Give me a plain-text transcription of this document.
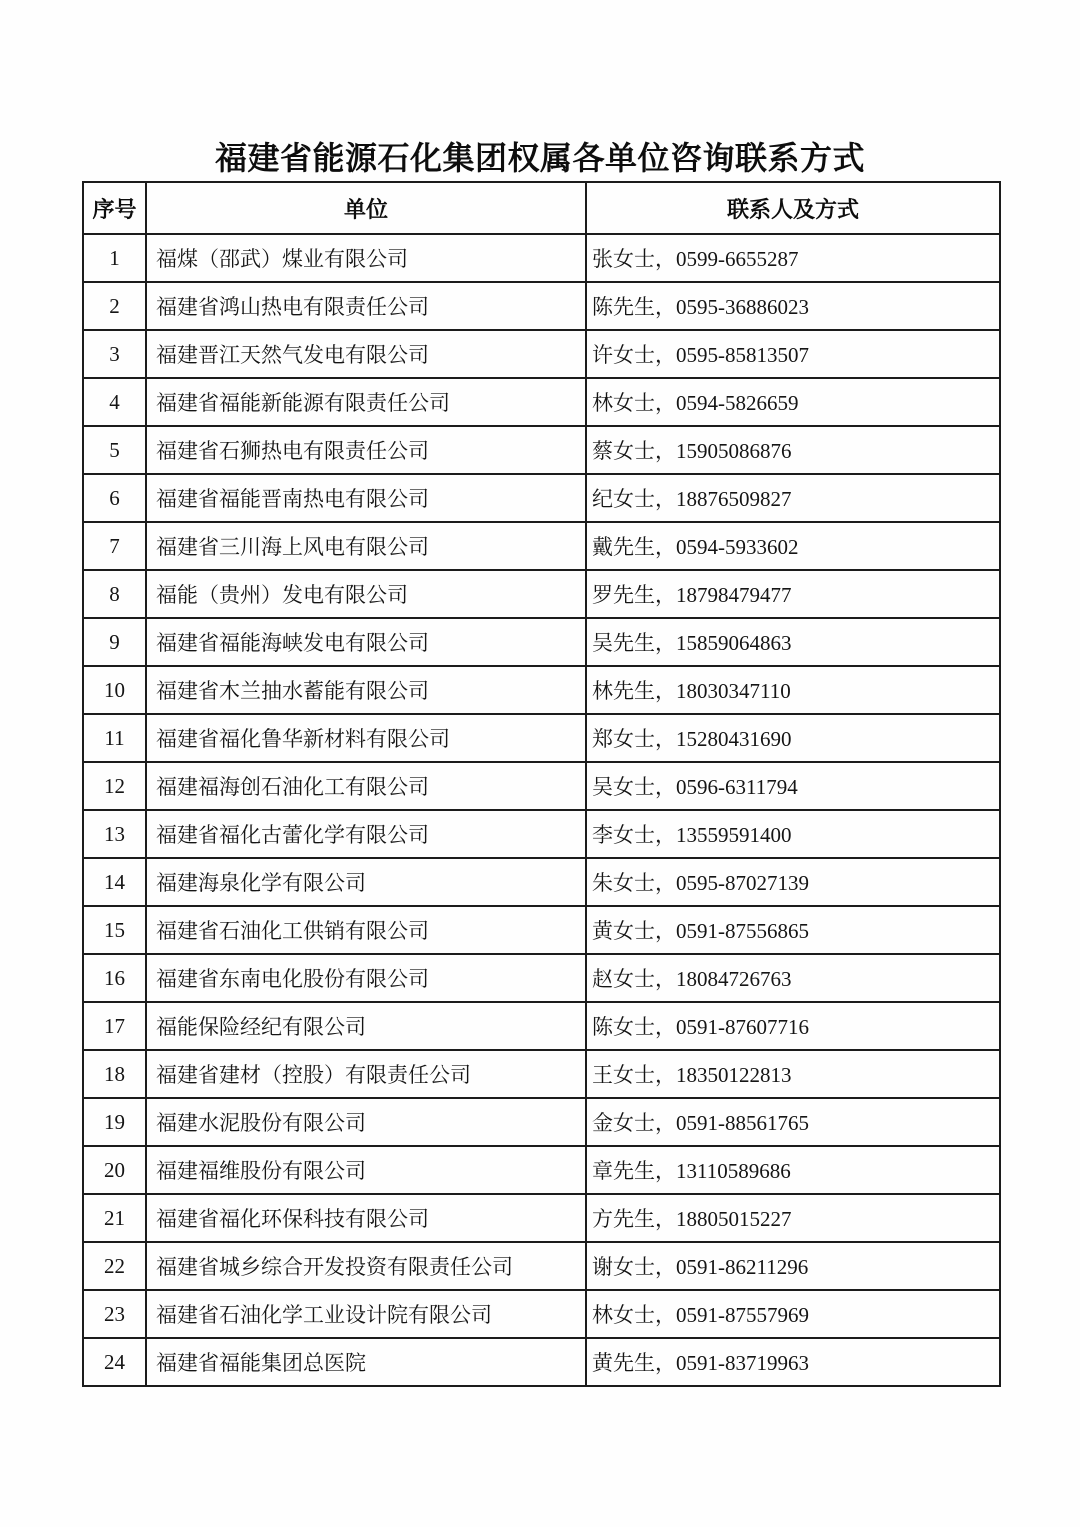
福建省能源石化集团权属各单位咨询联系方式
序号	单位	联系人及方式
1	福煤（邵武）煤业有限公司	张女士，0599-6655287
2	福建省鸿山热电有限责任公司	陈先生，0595-36886023
3	福建晋江天然气发电有限公司	许女士，0595-85813507
4	福建省福能新能源有限责任公司	林女士，0594-5826659
5	福建省石狮热电有限责任公司	蔡女士，15905086876
6	福建省福能晋南热电有限公司	纪女士，18876509827
7	福建省三川海上风电有限公司	戴先生，0594-5933602
8	福能（贵州）发电有限公司	罗先生，18798479477
9	福建省福能海峡发电有限公司	吴先生，15859064863
10	福建省木兰抽水蓄能有限公司	林先生，18030347110
11	福建省福化鲁华新材料有限公司	郑女士，15280431690
12	福建福海创石油化工有限公司	吴女士，0596-6311794
13	福建省福化古蕾化学有限公司	李女士，13559591400
14	福建海泉化学有限公司	朱女士，0595-87027139
15	福建省石油化工供销有限公司	黄女士，0591-87556865
16	福建省东南电化股份有限公司	赵女士，18084726763
17	福能保险经纪有限公司	陈女士，0591-87607716
18	福建省建材（控股）有限责任公司	王女士，18350122813
19	福建水泥股份有限公司	金女士，0591-88561765
20	福建福维股份有限公司	章先生，13110589686
21	福建省福化环保科技有限公司	方先生，18805015227
22	福建省城乡综合开发投资有限责任公司	谢女士，0591-86211296
23	福建省石油化学工业设计院有限公司	林女士，0591-87557969
24	福建省福能集团总医院	黄先生，0591-83719963
